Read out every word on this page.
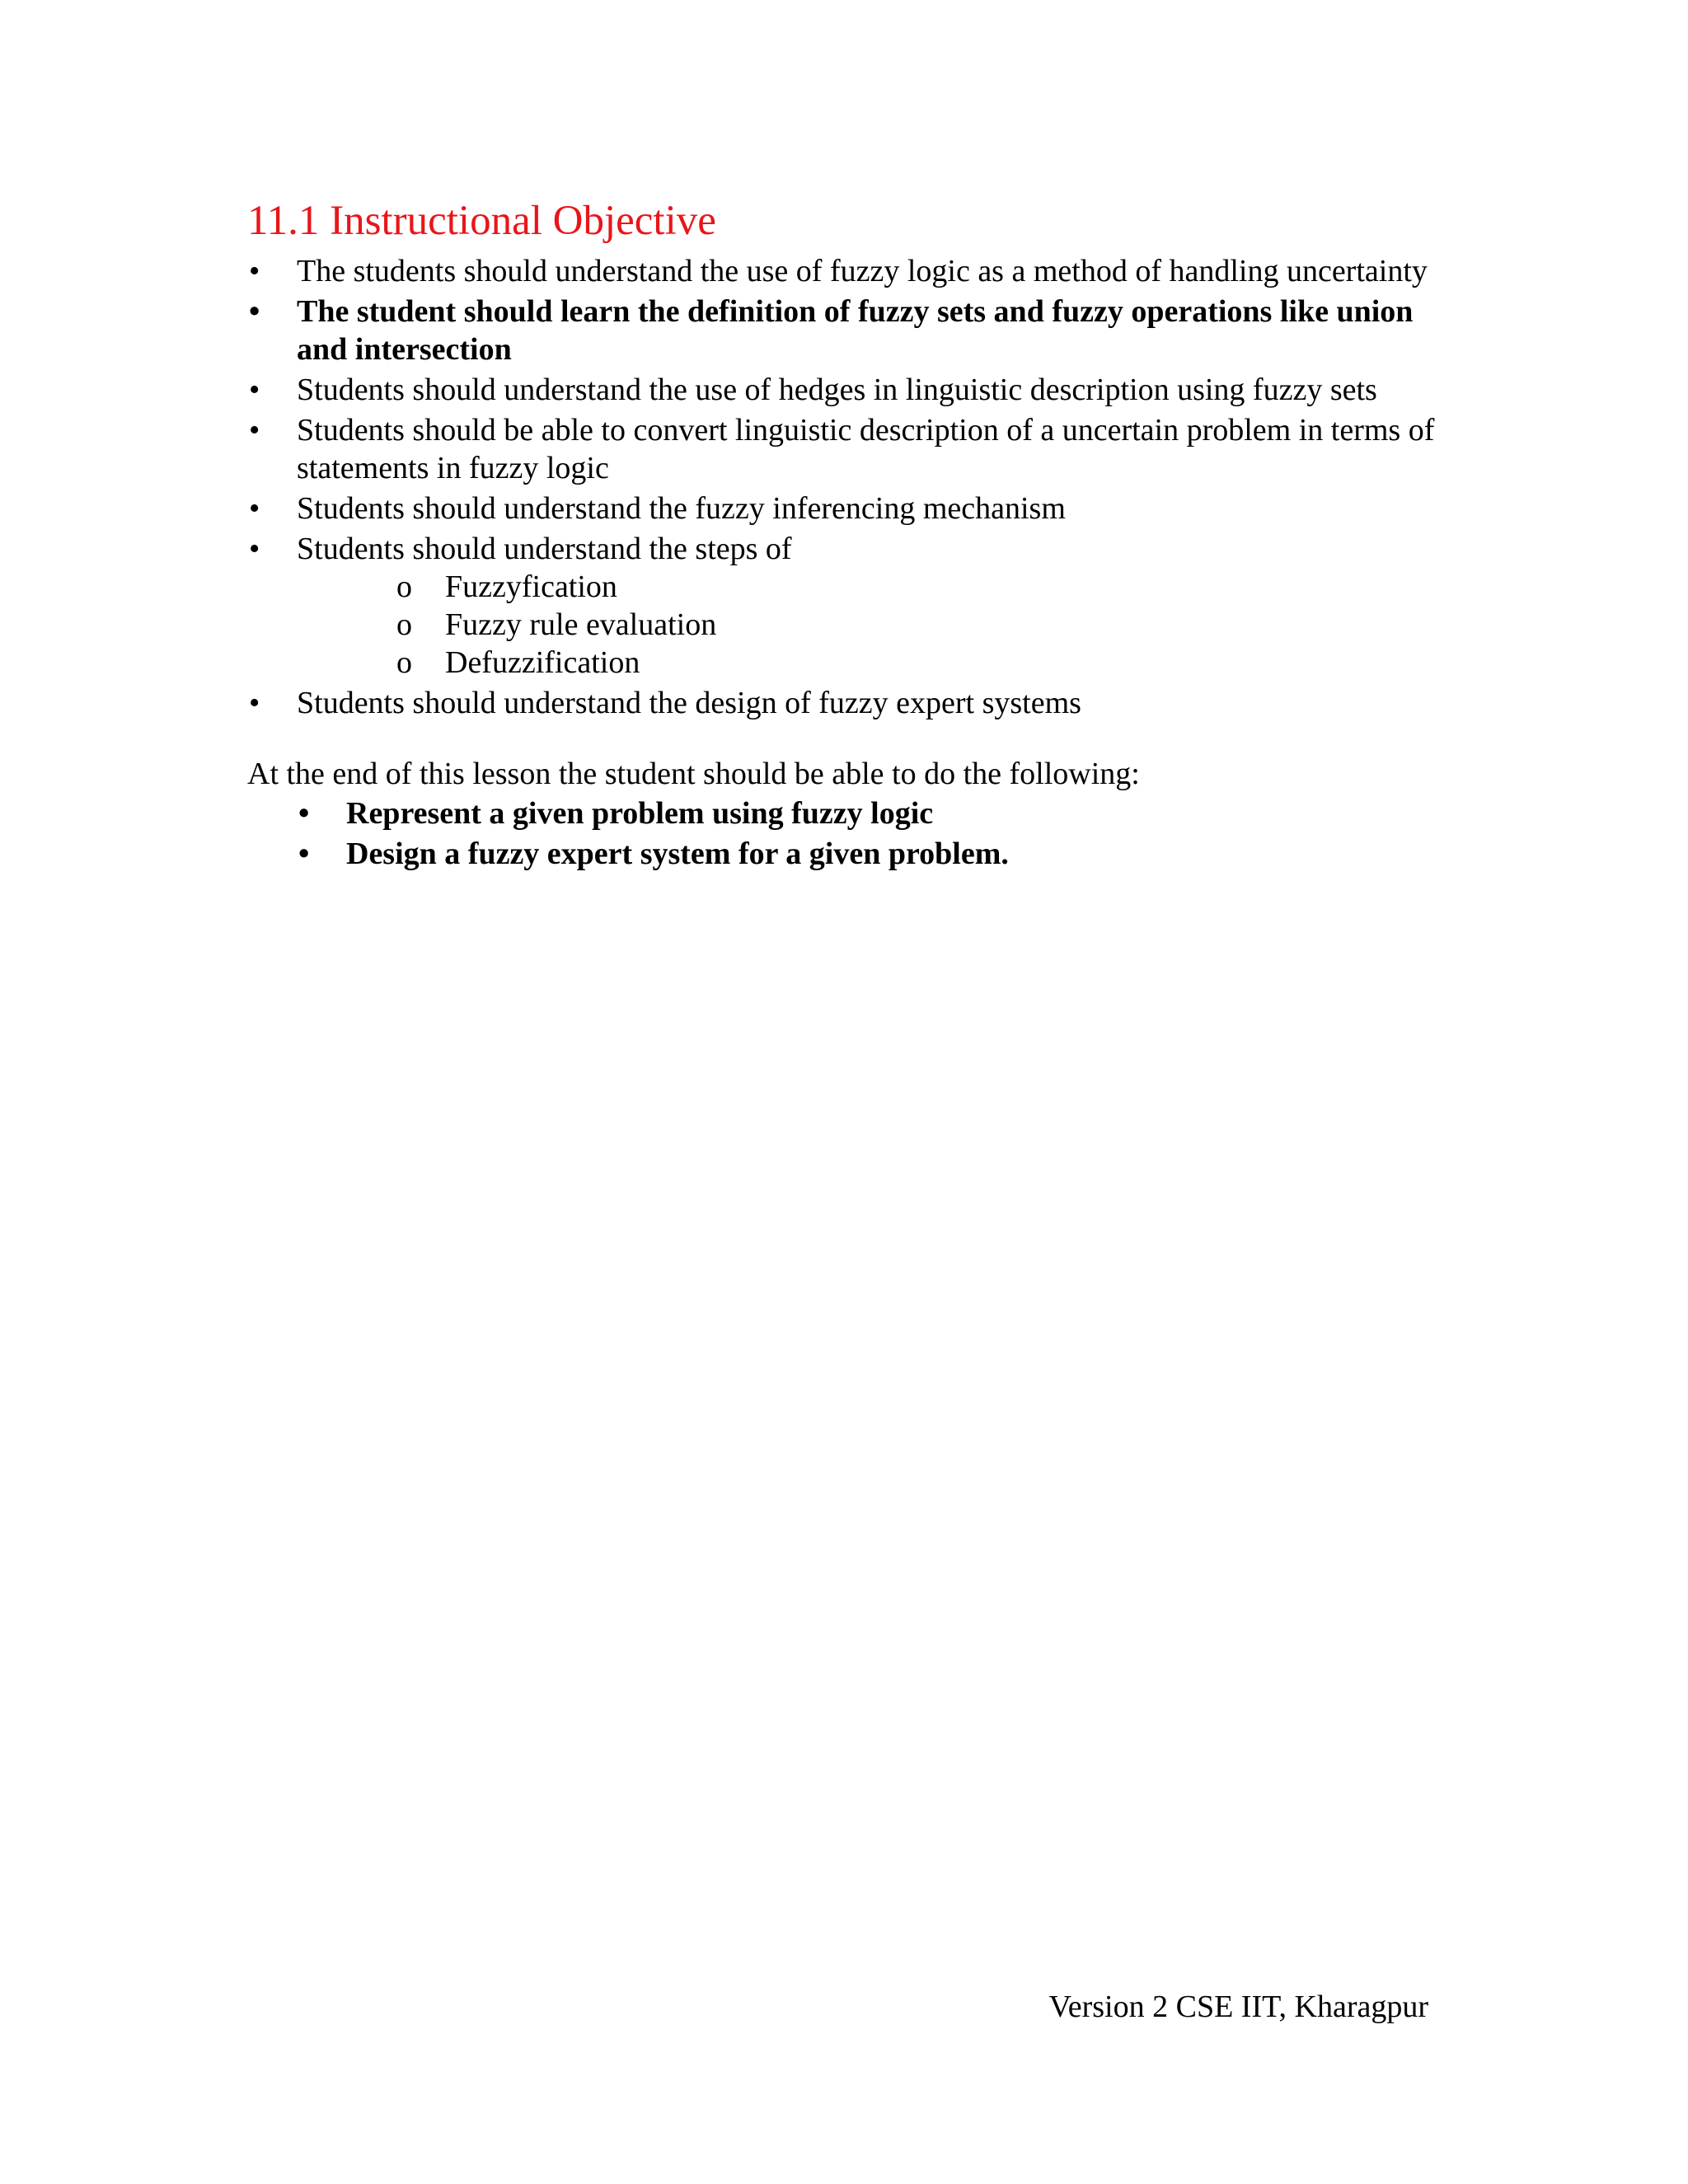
11.1 Instructional Objective
•	The students should understand the use of fuzzy logic as a method of handling uncertainty
•	The student should learn the definition of fuzzy sets and fuzzy operations like union and intersection
•	Students should understand the use of hedges in linguistic description using fuzzy sets
•	Students should be able to convert linguistic description of a uncertain problem in terms of statements in fuzzy logic
•	Students should understand the fuzzy inferencing mechanism
•	Students should understand the steps of
o Fuzzyfication
o Fuzzy rule evaluation
o Defuzzification
•	Students should understand the design of fuzzy expert systems
At the end of this lesson the student should be able to do the following:
•	Represent a given problem using fuzzy logic
•	Design a fuzzy expert system for a given problem.
Version 2 CSE IIT, Kharagpur
